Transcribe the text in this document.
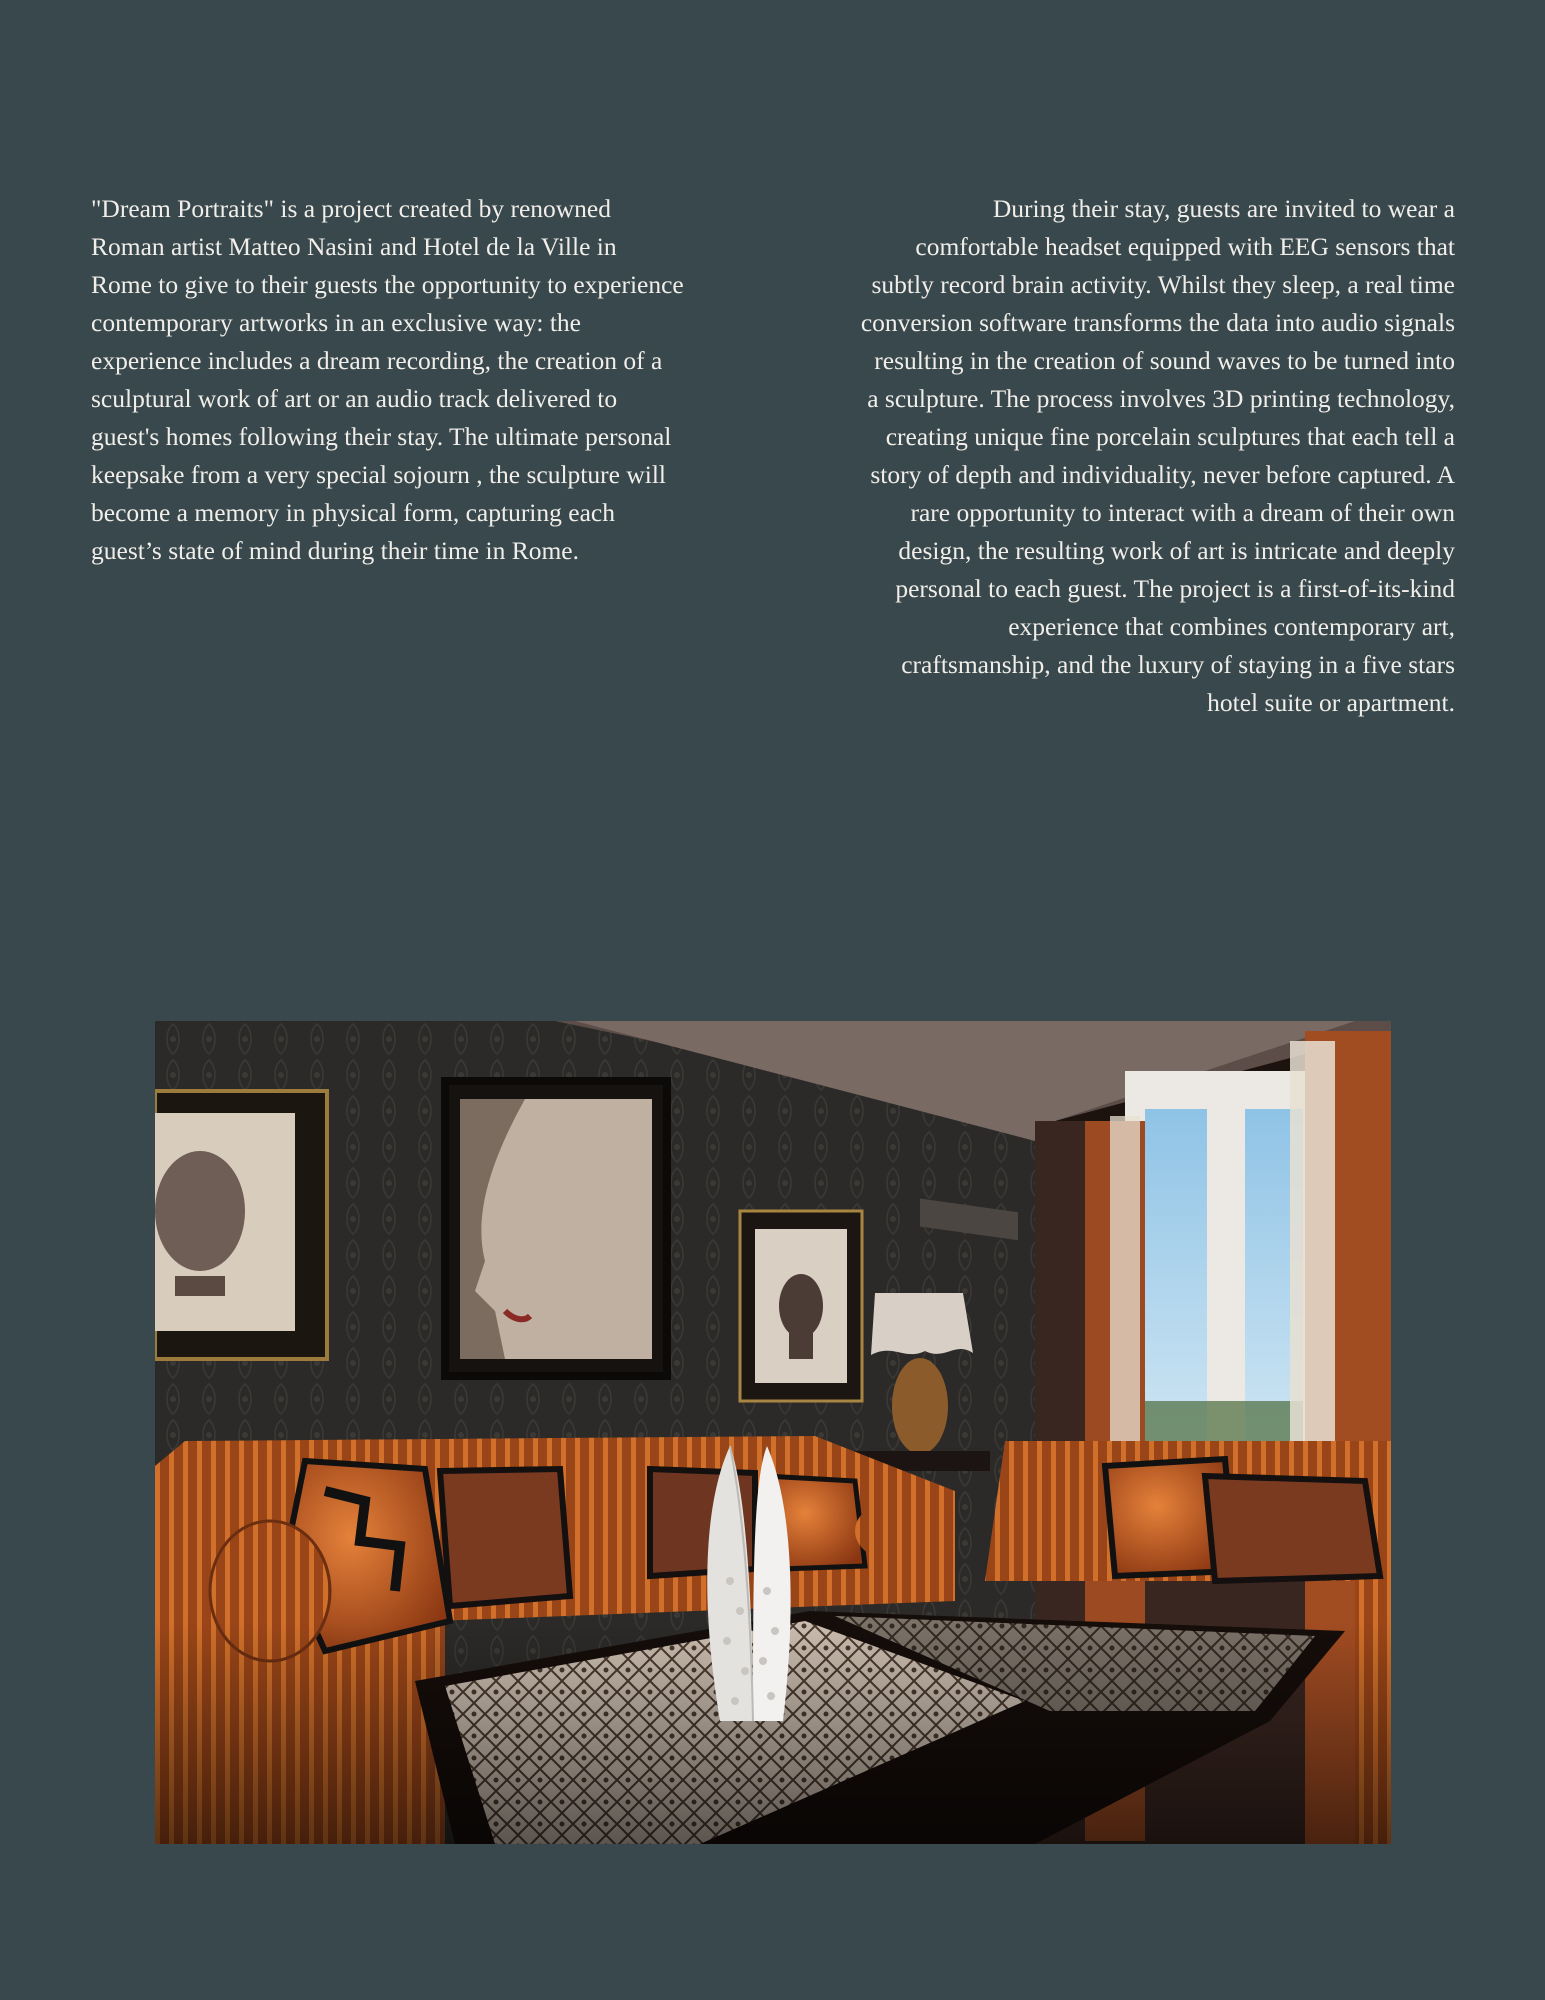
"Dream Portraits" is a project created by renowned
Roman artist Matteo Nasini and Hotel de la Ville in
Rome to give to their guests the opportunity to experience
contemporary artworks in an exclusive way: the
experience includes a dream recording, the creation of a
sculptural work of art or an audio track delivered to
guest's homes following their stay. The ultimate personal
keepsake from a very special sojourn , the sculpture will
become a memory in physical form, capturing each
guest’s state of mind during their time in Rome.
During their stay, guests are invited to wear a
comfortable headset equipped with EEG sensors that
subtly record brain activity. Whilst they sleep, a real time
conversion software transforms the data into audio signals
resulting in the creation of sound waves to be turned into
a sculpture. The process involves 3D printing technology,
creating unique fine porcelain sculptures that each tell a
story of depth and individuality, never before captured. A
rare opportunity to interact with a dream of their own
design, the resulting work of art is intricate and deeply
personal to each guest. The project is a first-of-its-kind
experience that combines contemporary art,
craftsmanship, and the luxury of staying in a five stars
hotel suite or apartment.
